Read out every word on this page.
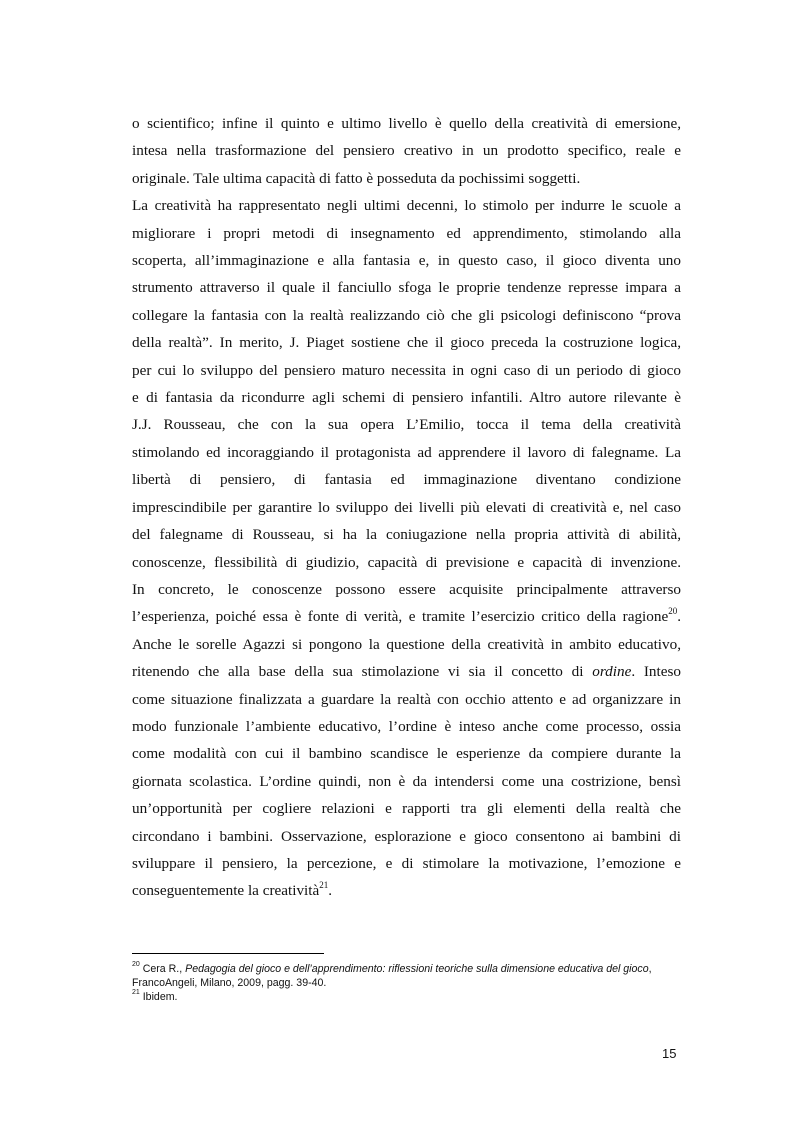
o scientifico; infine il quinto e ultimo livello è quello della creatività di emersione,
intesa nella trasformazione del pensiero creativo in un prodotto specifico, reale e
originale. Tale ultima capacità di fatto è posseduta da pochissimi soggetti.
La creatività ha rappresentato negli ultimi decenni, lo stimolo per indurre le scuole a
migliorare i propri metodi di insegnamento ed apprendimento, stimolando alla
scoperta, all’immaginazione e alla fantasia e, in questo caso, il gioco diventa uno
strumento attraverso il quale il fanciullo sfoga le proprie tendenze represse impara a
collegare la fantasia con la realtà realizzando ciò che gli psicologi definiscono “prova
della realtà”. In merito, J. Piaget sostiene che il gioco preceda la costruzione logica,
per cui lo sviluppo del pensiero maturo necessita in ogni caso di un periodo di gioco
e di fantasia da ricondurre agli schemi di pensiero infantili. Altro autore rilevante è
J.J. Rousseau, che con la sua opera L’Emilio, tocca il tema della creatività
stimolando ed incoraggiando il protagonista ad apprendere il lavoro di falegname. La
libertà di pensiero, di fantasia ed immaginazione diventano condizione
imprescindibile per garantire lo sviluppo dei livelli più elevati di creatività e, nel caso
del falegname di Rousseau, si ha la coniugazione nella propria attività di abilità,
conoscenze, flessibilità di giudizio, capacità di previsione e capacità di invenzione.
In concreto, le conoscenze possono essere acquisite principalmente attraverso
l’esperienza, poiché essa è fonte di verità, e tramite l’esercizio critico della ragione$^{20}$.
Anche le sorelle Agazzi si pongono la questione della creatività in ambito educativo,
ritenendo che alla base della sua stimolazione vi sia il concetto di ordine. Inteso
come situazione finalizzata a guardare la realtà con occhio attento e ad organizzare in
modo funzionale l’ambiente educativo, l’ordine è inteso anche come processo, ossia
come modalità con cui il bambino scandisce le esperienze da compiere durante la
giornata scolastica. L’ordine quindi, non è da intendersi come una costrizione, bensì
un’opportunità per cogliere relazioni e rapporti tra gli elementi della realtà che
circondano i bambini. Osservazione, esplorazione e gioco consentono ai bambini di
sviluppare il pensiero, la percezione, e di stimolare la motivazione, l’emozione e
conseguentemente la creatività$^{21}$.
$^{20}$ Cera R., Pedagogia del gioco e dell’apprendimento: riflessioni teoriche sulla dimensione educativa del gioco, FrancoAngeli, Milano, 2009, pagg. 39-40.
$^{21}$ Ibidem.
15
